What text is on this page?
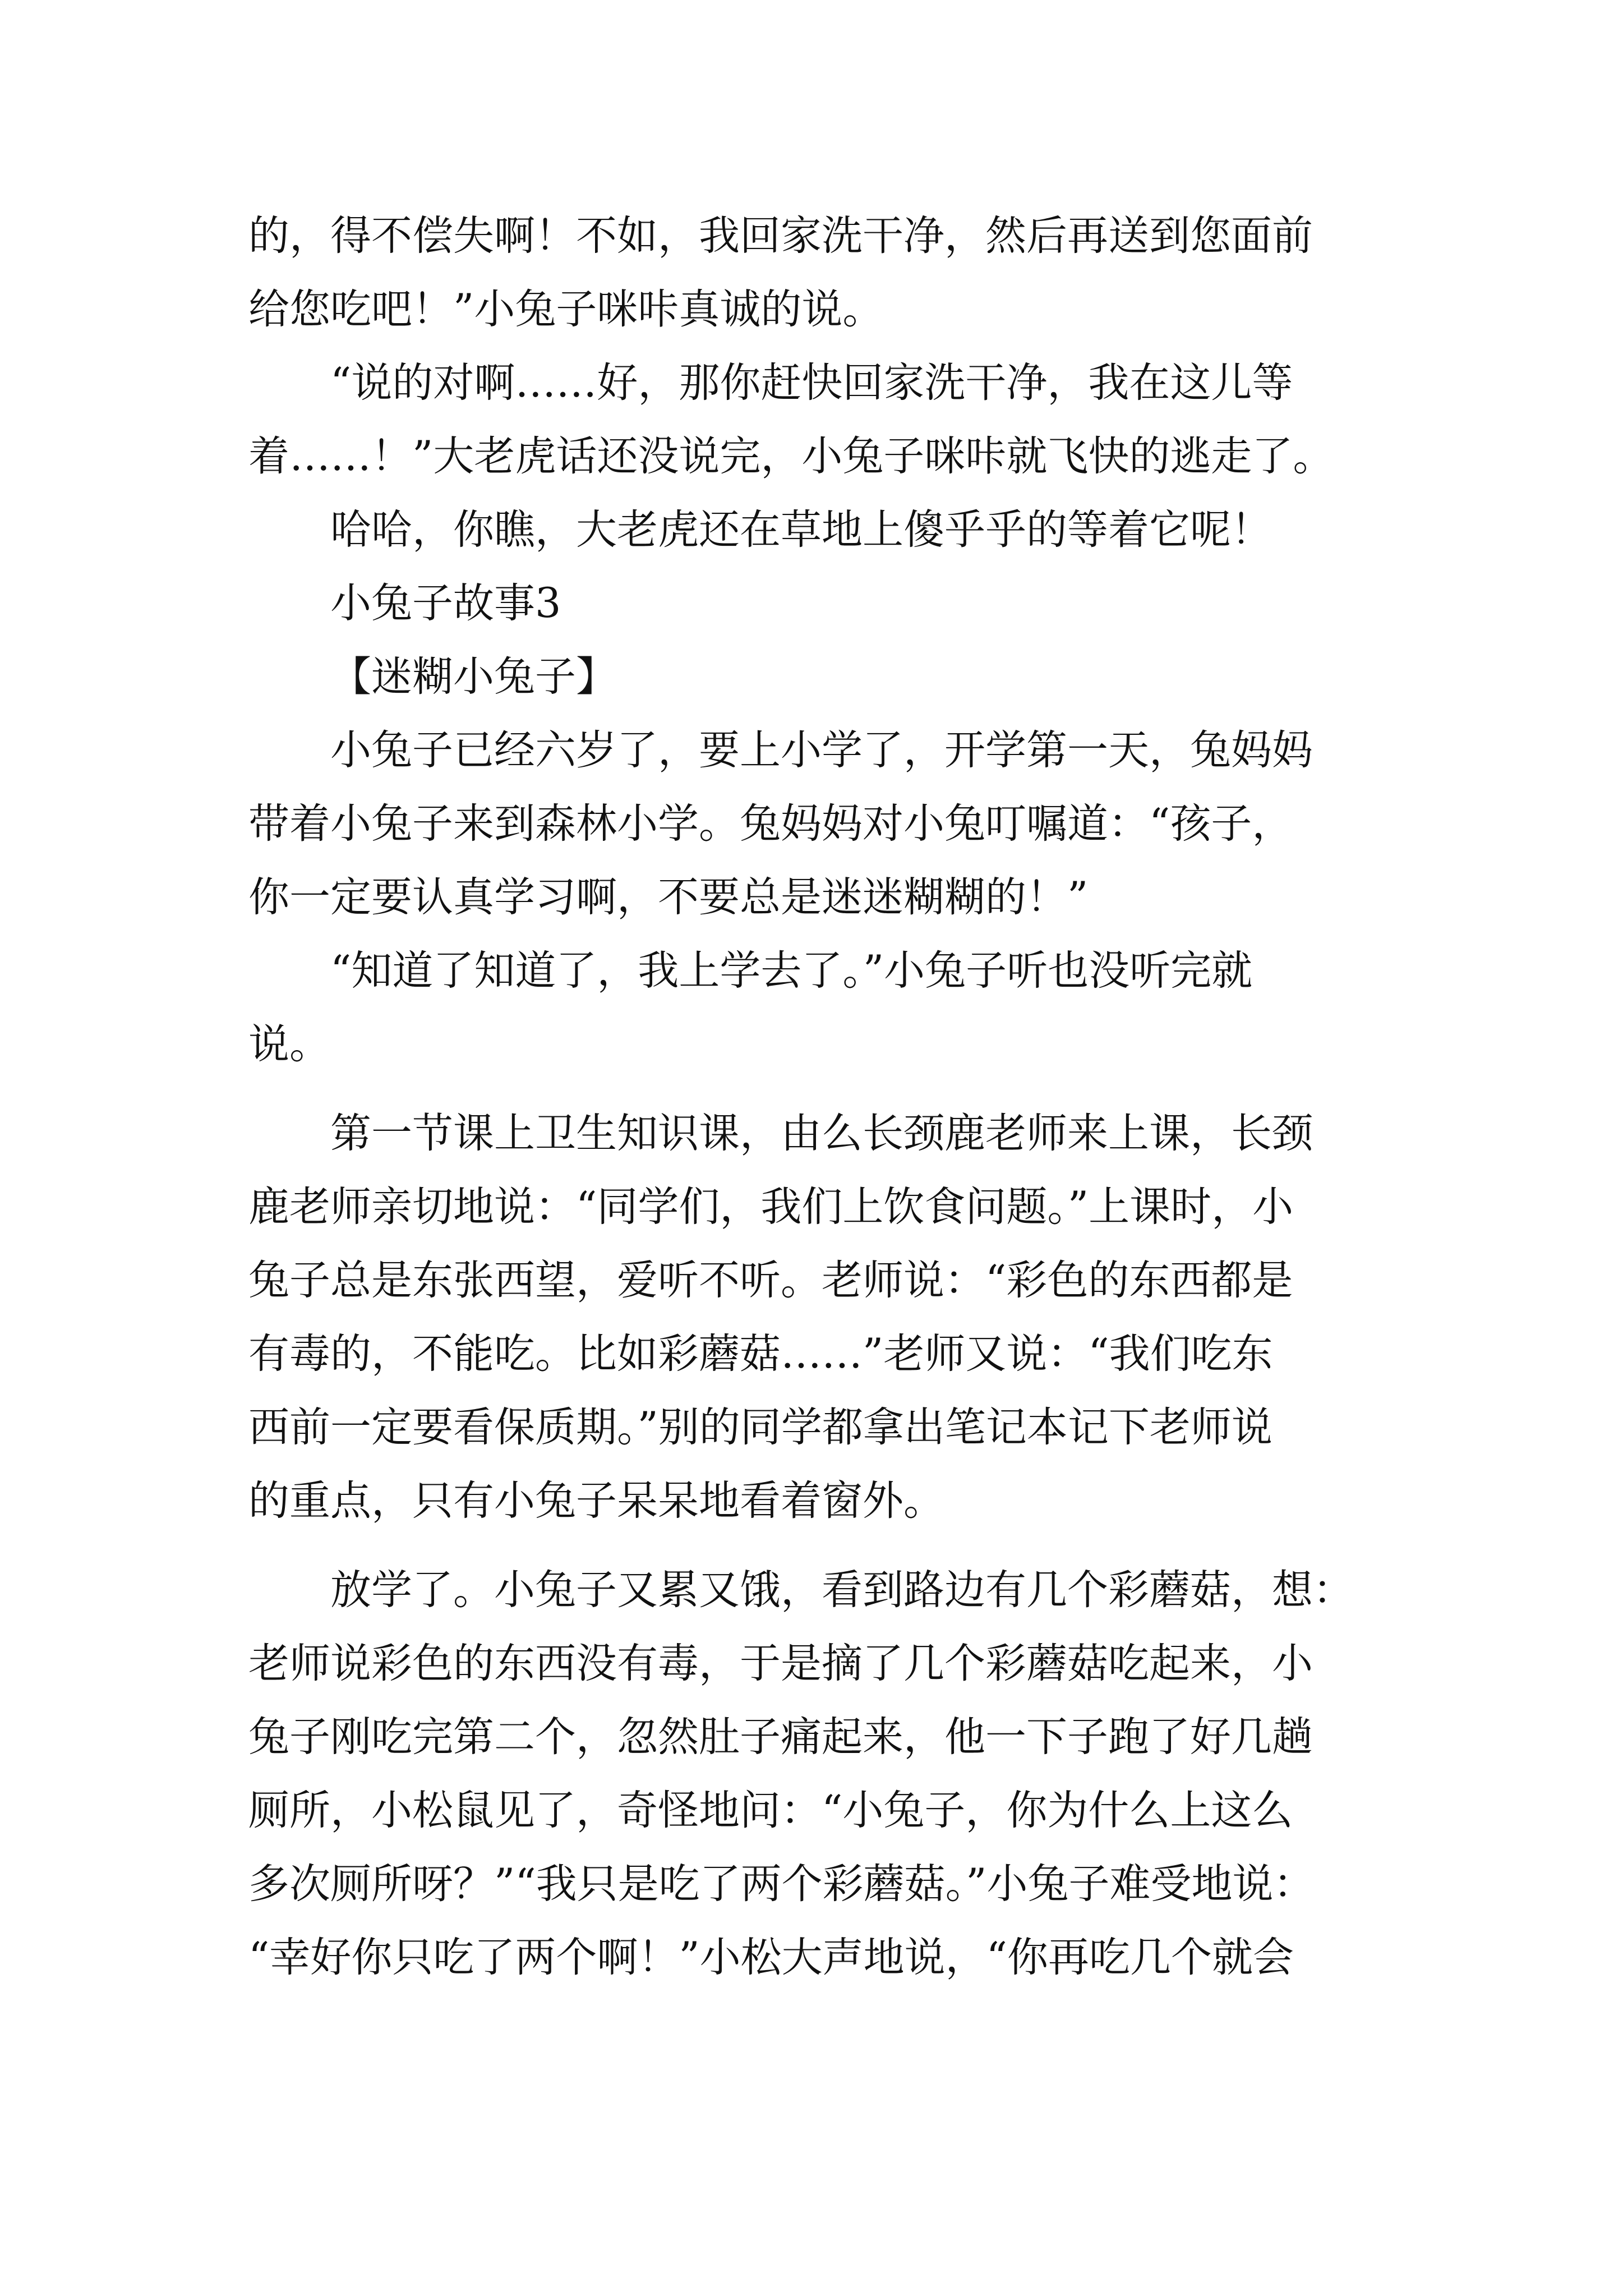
的，得不偿失啊！不如，我回家洗干净，然后再送到您面前
给您吃吧！”小兔子咪咔真诚的说。

“说的对啊……好，那你赶快回家洗干净，我在这儿等
着……！”大老虎话还没说完，小兔子咪咔就飞快的逃走了。

哈哈，你瞧，大老虎还在草地上傻乎乎的等着它呢！

小兔子故事3

【迷糊小兔子】

小兔子已经六岁了，要上小学了，开学第一天，兔妈妈
带着小兔子来到森林小学。兔妈妈对小兔叮嘱道：“孩子，
你一定要认真学习啊，不要总是迷迷糊糊的！”

“知道了知道了，我上学去了。”小兔子听也没听完就
说。

第一节课上卫生知识课，由么长颈鹿老师来上课，长颈
鹿老师亲切地说：“同学们，我们上饮食问题。”上课时，小
兔子总是东张西望，爱听不听。老师说：“彩色的东西都是
有毒的，不能吃。比如彩蘑菇……”老师又说：“我们吃东
西前一定要看保质期。”别的同学都拿出笔记本记下老师说
的重点，只有小兔子呆呆地看着窗外。

放学了。小兔子又累又饿，看到路边有几个彩蘑菇，想：
老师说彩色的东西没有毒，于是摘了几个彩蘑菇吃起来，小
兔子刚吃完第二个，忽然肚子痛起来，他一下子跑了好几趟
厕所，小松鼠见了，奇怪地问：“小兔子，你为什么上这么
多次厕所呀？”“我只是吃了两个彩蘑菇。”小兔子难受地说：
“幸好你只吃了两个啊！”小松大声地说，“你再吃几个就会
